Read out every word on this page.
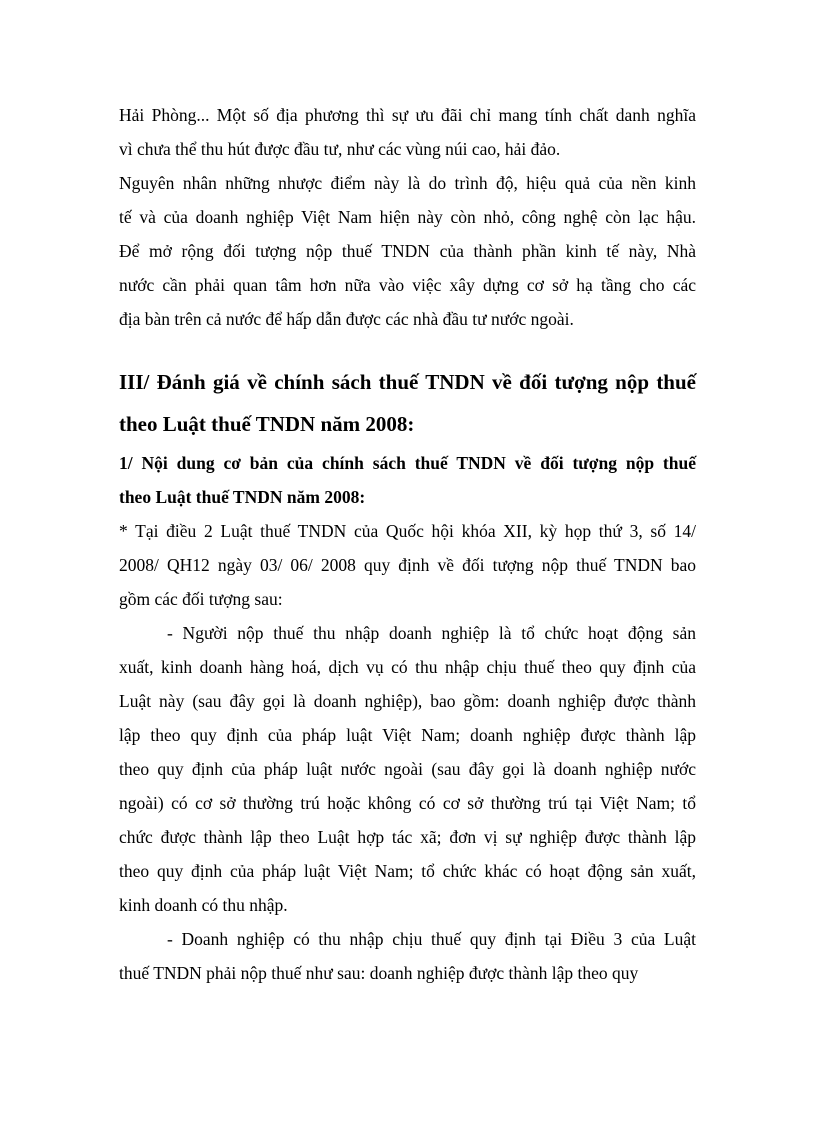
Hải Phòng... Một số địa phương thì sự ưu đãi chỉ mang tính chất danh nghĩa
vì chưa thể thu hút được đầu tư, như các vùng núi cao, hải đảo.
Nguyên nhân những nhược điểm này là do trình độ, hiệu quả của nền kinh
tế và của doanh nghiệp Việt Nam hiện này còn nhỏ, công nghệ còn lạc hậu.
Để mở rộng đối tượng nộp thuế TNDN của thành phần kinh tế này, Nhà
nước cần phải quan tâm hơn nữa vào việc xây dựng cơ sở hạ tầng cho các
địa bàn trên cả nước để hấp dẫn được các nhà đầu tư nước ngoài.
III/ Đánh giá về chính sách thuế TNDN về đối tượng nộp thuế
theo Luật thuế TNDN năm 2008:
1/ Nội dung cơ bản của chính sách thuế TNDN về đối tượng nộp thuế
theo Luật thuế TNDN năm 2008:
* Tại điều 2 Luật thuế TNDN của Quốc hội khóa XII, kỳ họp thứ 3, số 14/
2008/ QH12 ngày 03/ 06/ 2008 quy định về đối tượng nộp thuế TNDN bao
gồm các đối tượng sau:
- Người nộp thuế thu nhập doanh nghiệp là tổ chức hoạt động sản
xuất, kinh doanh hàng hoá, dịch vụ có thu nhập chịu thuế theo quy định của
Luật này (sau đây gọi là doanh nghiệp), bao gồm: doanh nghiệp được thành
lập theo quy định của pháp luật Việt Nam; doanh nghiệp được thành lập
theo quy định của pháp luật nước ngoài (sau đây gọi là doanh nghiệp nước
ngoài) có cơ sở thường trú hoặc không có cơ sở thường trú tại Việt Nam; tổ
chức được thành lập theo Luật hợp tác xã; đơn vị sự nghiệp được thành lập
theo quy định của pháp luật Việt Nam; tổ chức khác có hoạt động sản xuất,
kinh doanh có thu nhập.
- Doanh nghiệp có thu nhập chịu thuế quy định tại Điều 3 của Luật
thuế TNDN phải nộp thuế như sau: doanh nghiệp được thành lập theo quy
